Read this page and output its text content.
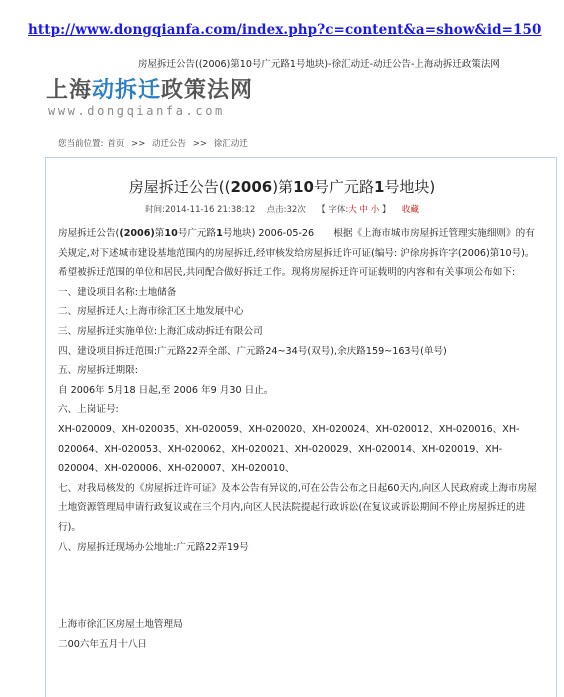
http://www.dongqianfa.com/index.php?c=content&a=show&id=150
房屋拆迁公告((2006)第10号广元路1号地块)-徐汇动迁-动迁公告-上海动拆迁政策法网
上海动拆迁政策法网
www.dongqianfa.com
您当前位置: 首页 >> 动迁公告 >> 徐汇动迁
房屋拆迁公告((2006)第10号广元路1号地块)
时间:2014-11-16 21:38:12 点击:32次 【 字体:大 中 小 】 收藏

房屋拆迁公告((2006)第10号广元路1号地块) 2006-05-26　　根据《上海市城市房屋拆迁管理实施细则》的有关规定,对下述城市建设基地范围内的房屋拆迁,经审核发给房屋拆迁许可证(编号: 沪徐房拆许字(2006)第10号)。希望被拆迁范围的单位和居民,共同配合做好拆迁工作。现将房屋拆迁许可证载明的内容和有关事项公布如下:

一、建设项目名称:土地储备

二、房屋拆迁人:上海市徐汇区土地发展中心

三、房屋拆迁实施单位:上海汇成动拆迁有限公司

四、建设项目拆迁范围:广元路22弄全部、广元路24~34号(双号),余庆路159~163号(单号)

五、房屋拆迁期限:

自 2006年 5月18 日起,至 2006 年9 月30 日止。

六、上岗证号:

XH-020009、XH-020035、XH-020059、XH-020020、XH-020024、XH-020012、XH-020016、XH-020064、XH-020053、XH-020062、XH-020021、XH-020029、XH-020014、XH-020019、XH-020004、XH-020006、XH-020007、XH-020010、

七、对我局核发的《房屋拆迁许可证》及本公告有异议的,可在公告公布之日起60天内,向区人民政府或上海市房屋土地资源管理局申请行政复议或在三个月内,向区人民法院提起行政诉讼(在复议或诉讼期间不停止房屋拆迁的进行)。

八、房屋拆迁现场办公地址:广元路22弄19号

上海市徐汇区房屋土地管理局

二00六年五月十八日
